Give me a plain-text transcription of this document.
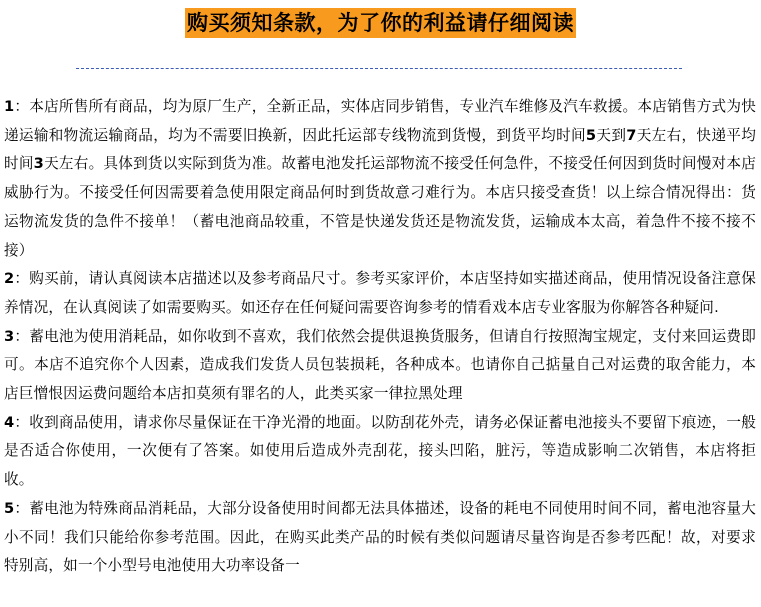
购买须知条款，为了你的利益请仔细阅读

1：本店所售所有商品，均为原厂生产，全新正品，实体店同步销售，专业汽车维修及汽车救援。本店销售方式为快递运输和物流运输商品，均为不需要旧换新，因此托运部专线物流到货慢，到货平均时间5天到7天左右，快递平均时间3天左右。具体到货以实际到货为准。故蓄电池发托运部物流不接受任何急件，不接受任何因到货时间慢对本店威胁行为。不接受任何因需要着急使用限定商品何时到货故意刁难行为。本店只接受查货！以上综合情况得出：货运物流发货的急件不接单！（蓄电池商品较重，不管是快递发货还是物流发货，运输成本太高，着急件不接不接不接）

2：购买前，请认真阅读本店描述以及参考商品尺寸。参考买家评价，本店坚持如实描述商品，使用情况设备注意保养情况，在认真阅读了如需要购买。如还存在任何疑问需要咨询参考的情看戏本店专业客服为你解答各种疑问.

3：蓄电池为使用消耗品，如你收到不喜欢，我们依然会提供退换货服务，但请自行按照淘宝规定，支付来回运费即可。本店不追究你个人因素，造成我们发货人员包装损耗，各种成本。也请你自己掂量自己对运费的取舍能力，本店巨憎恨因运费问题给本店扣莫须有罪名的人，此类买家一律拉黑处理

4：收到商品使用，请求你尽量保证在干净光滑的地面。以防刮花外壳，请务必保证蓄电池接头不要留下痕迹，一般是否适合你使用，一次便有了答案。如使用后造成外壳刮花，接头凹陷，脏污，等造成影响二次销售，本店将拒收。

5：蓄电池为特殊商品消耗品，大部分设备使用时间都无法具体描述，设备的耗电不同使用时间不同，蓄电池容量大小不同！我们只能给你参考范围。因此，在购买此类产品的时候有类似问题请尽量咨询是否参考匹配！故，对要求特别高，如一个小型号电池使用大功率设备一
